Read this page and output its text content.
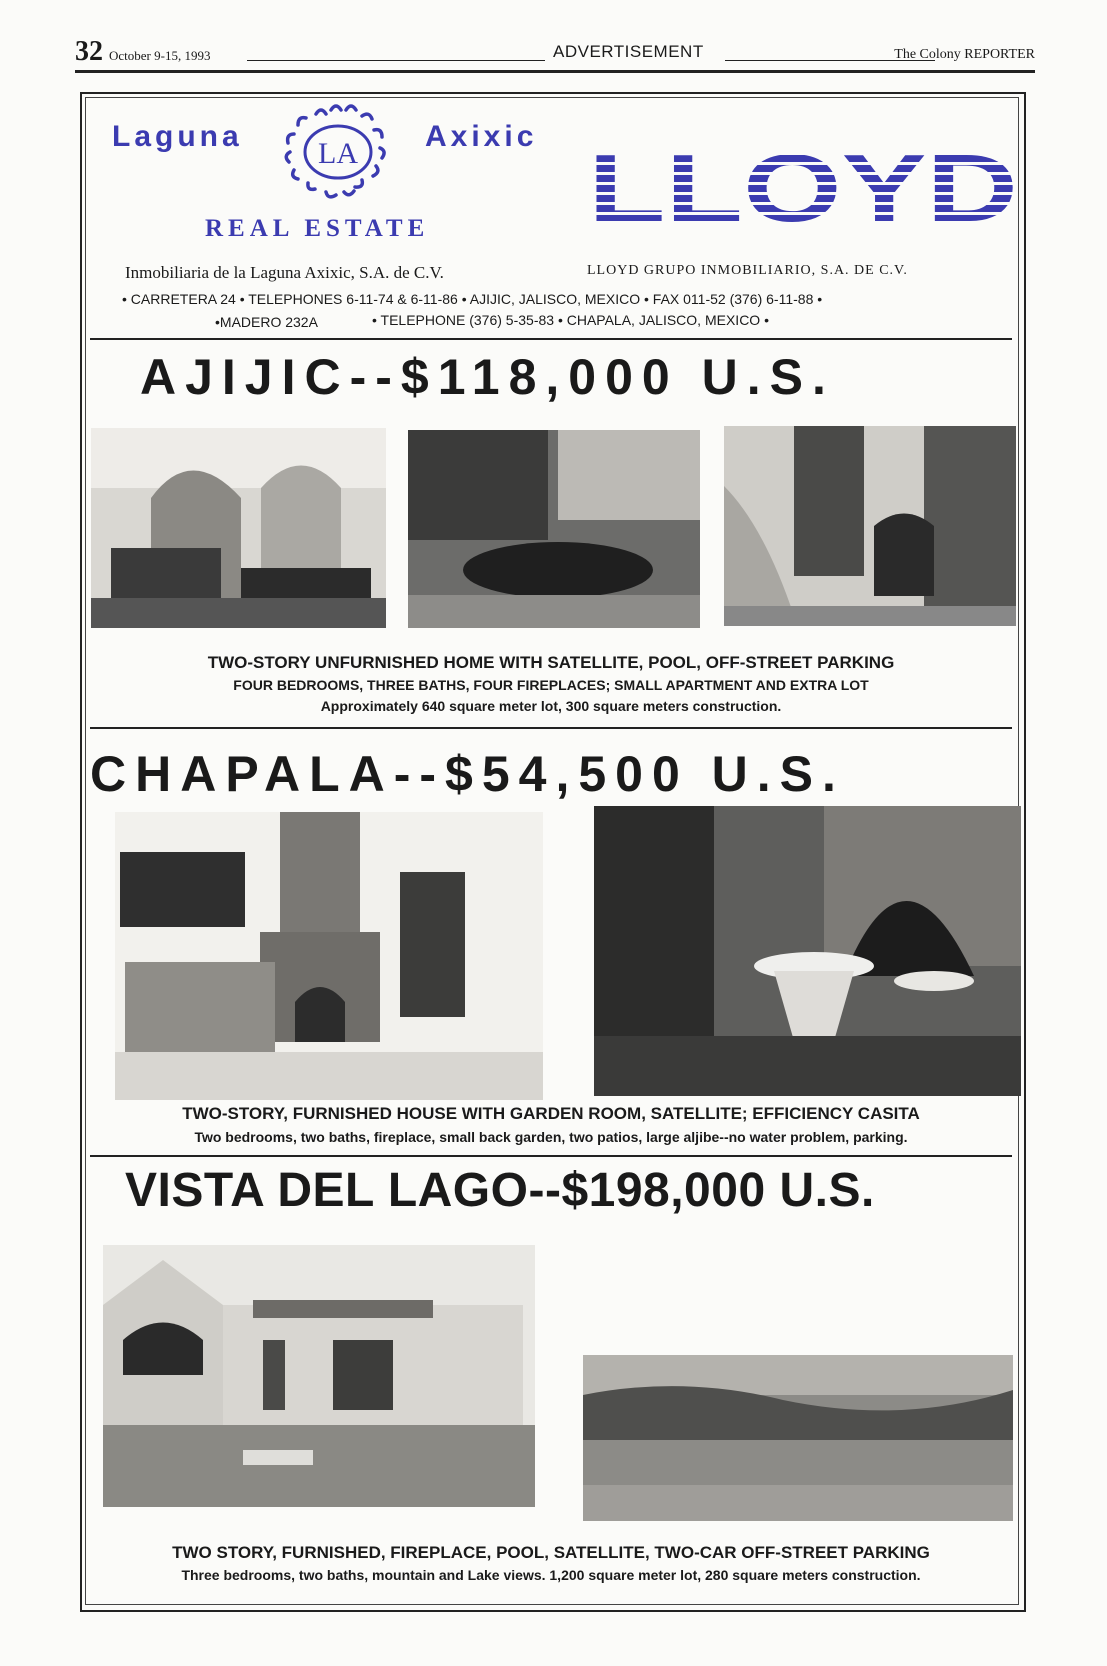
32 October 9-15, 1993	ADVERTISEMENT	The Colony REPORTER
Laguna
LA
Axixic
REAL ESTATE LLOYD
Inmobiliaria de la Laguna Axixic, S.A. de C.V.	LLOYD GRUPO INMOBILIARIO, S.A. DE C.V.
• CARRETERA 24 • TELEPHONES 6-11-74 & 6-11-86 • AJIJIC, JALISCO, MEXICO • FAX 011-52 (376) 6-11-88 •
•MADERO 232A	• TELEPHONE (376) 5-35-83 • CHAPALA, JALISCO, MEXICO •
AJIJIC--$118,000 U.S.
TWO-STORY UNFURNISHED HOME WITH SATELLITE, POOL, OFF-STREET PARKING
FOUR BEDROOMS, THREE BATHS, FOUR FIREPLACES; SMALL APARTMENT AND EXTRA LOT
Approximately 640 square meter lot, 300 square meters construction.
CHAPALA--$54,500 U.S.
TWO-STORY, FURNISHED HOUSE WITH GARDEN ROOM, SATELLITE; EFFICIENCY CASITA
Two bedrooms, two baths, fireplace, small back garden, two patios, large aljibe--no water problem, parking.
VISTA DEL LAGO--$198,000 U.S.
TWO STORY, FURNISHED, FIREPLACE, POOL, SATELLITE, TWO-CAR OFF-STREET PARKING
Three bedrooms, two baths, mountain and Lake views. 1,200 square meter lot, 280 square meters construction.
